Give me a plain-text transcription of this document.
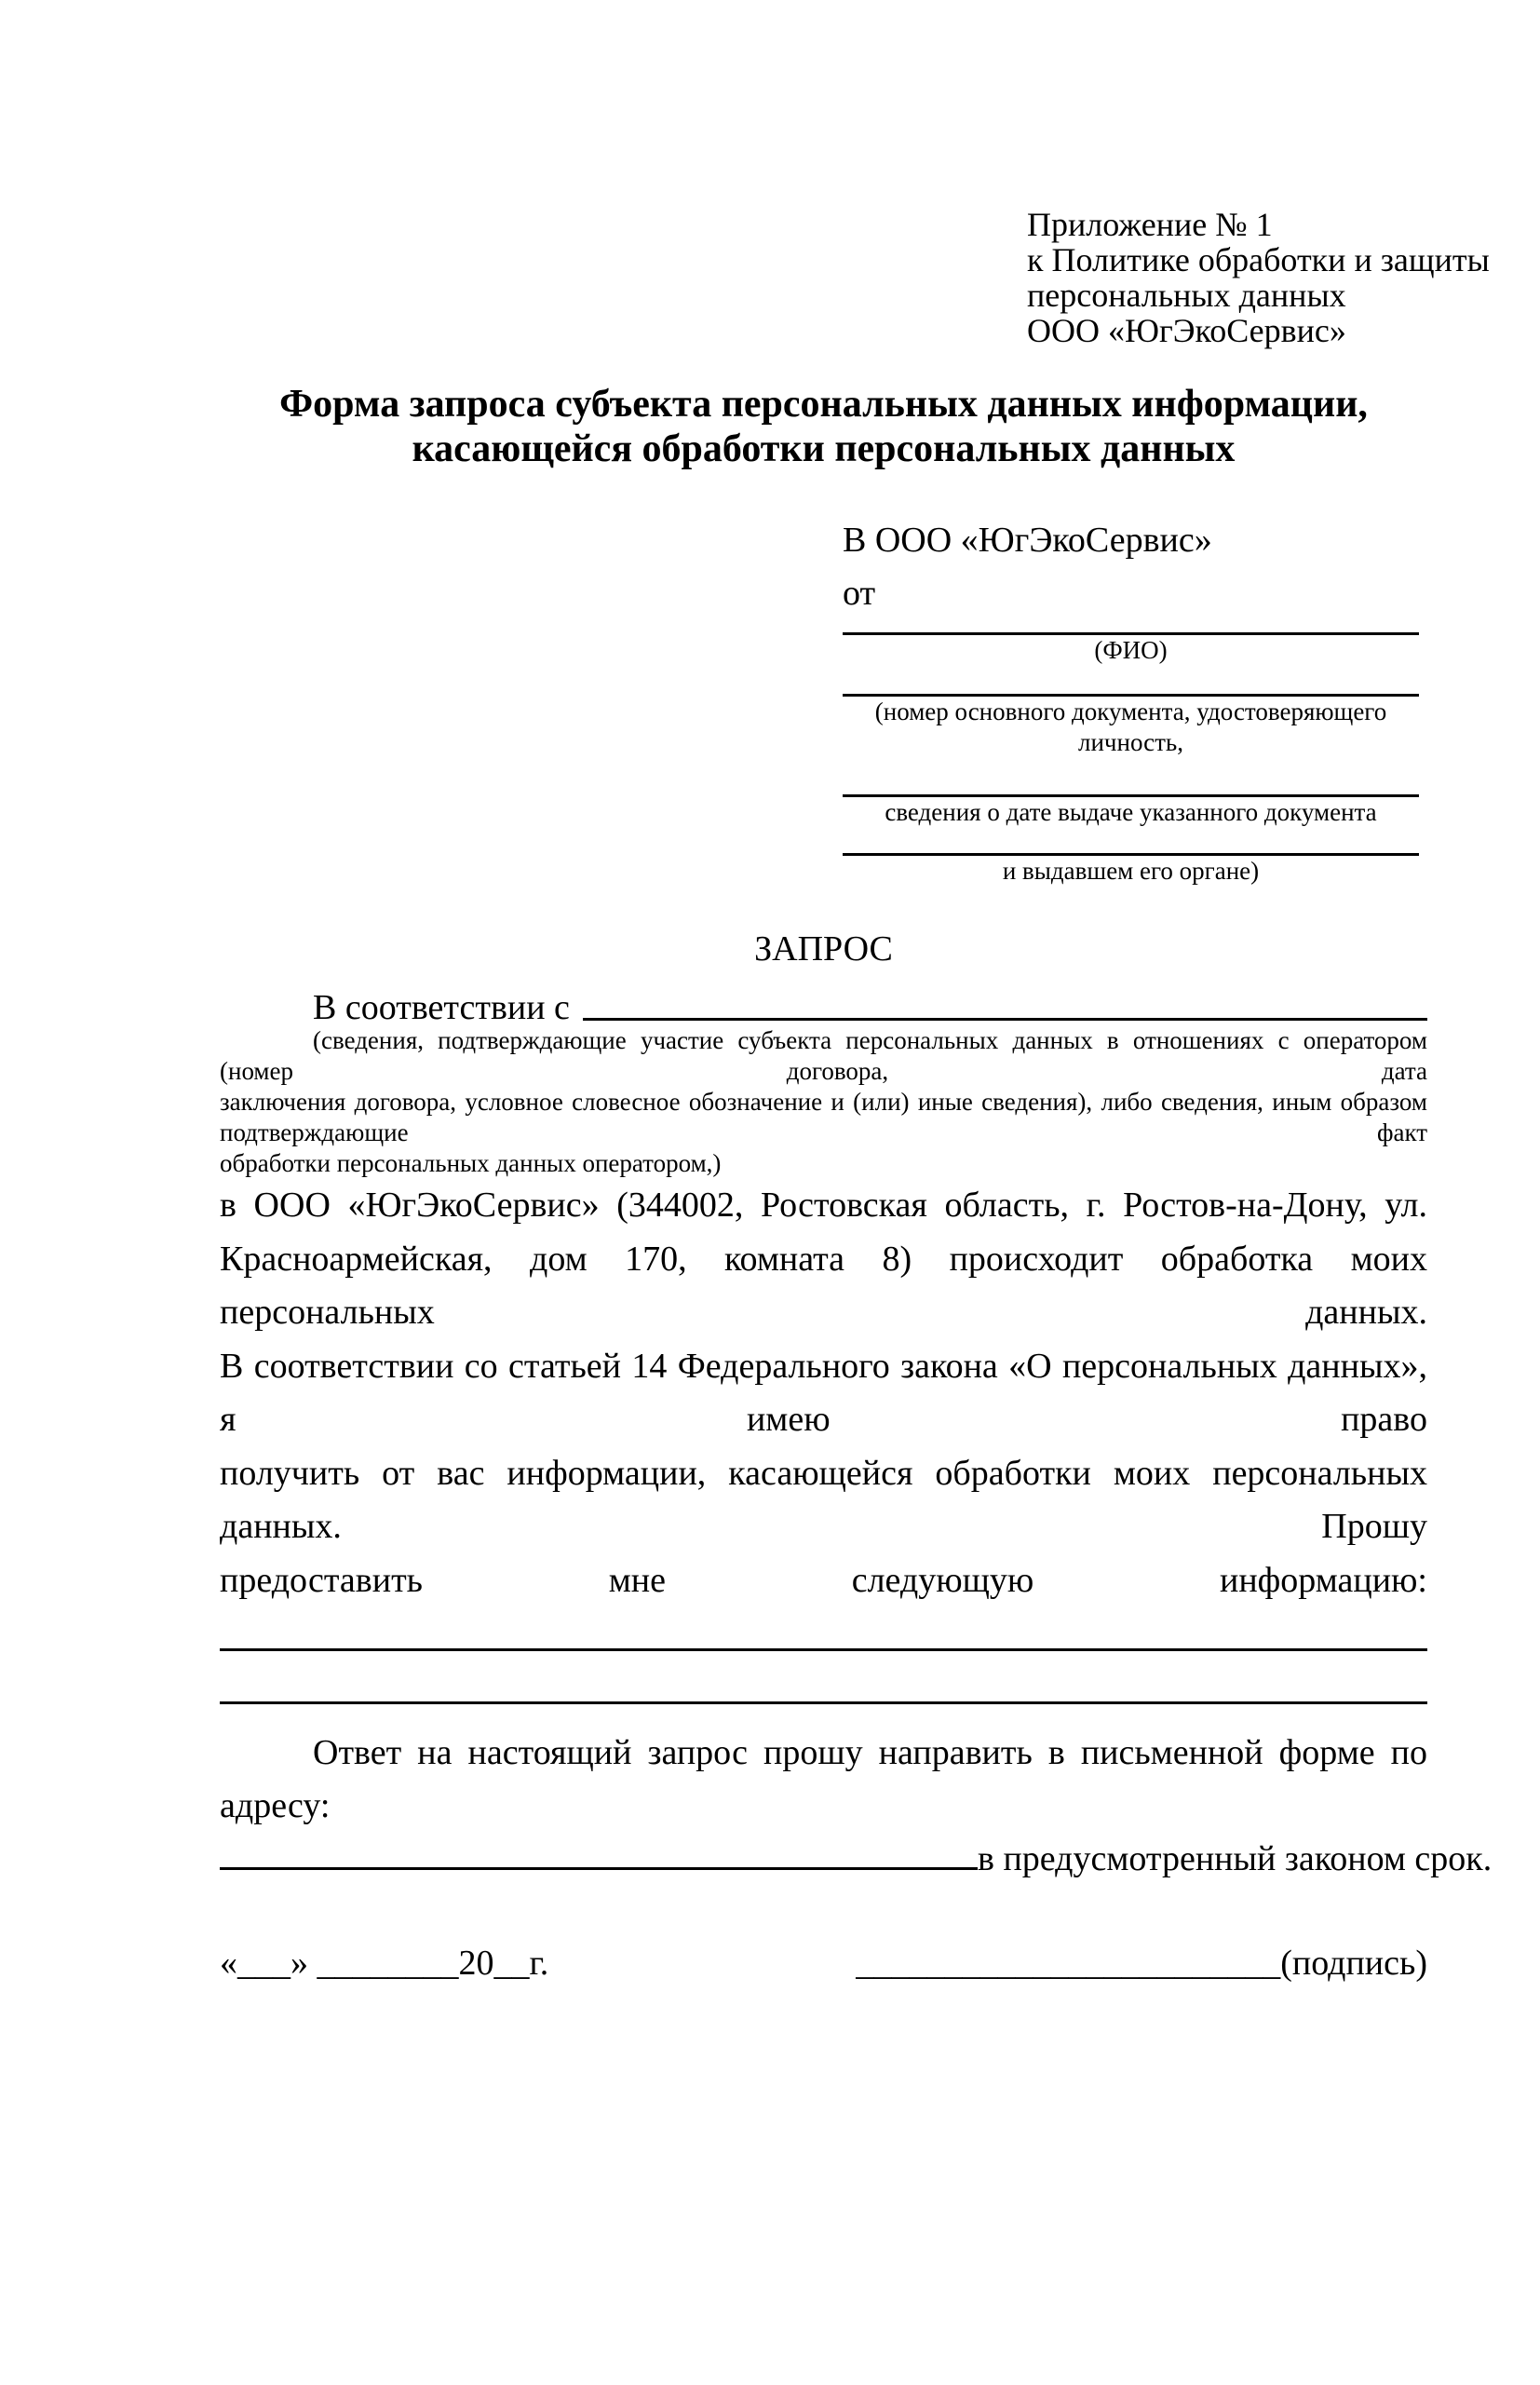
Приложение № 1
к Политике обработки и защиты
персональных данных
ООО «ЮгЭкоСервис»
Форма запроса субъекта персональных данных информации,
касающейся обработки персональных данных
В ООО «ЮгЭкоСервис»
от
(ФИО)
(номер основного документа, удостоверяющего личность,
сведения о дате выдаче указанного документа
и выдавшем его органе)
ЗАПРОС
В соответствии с
(сведения, подтверждающие участие субъекта персональных данных в отношениях с оператором (номер договора, дата
заключения договора, условное словесное обозначение и (или) иные сведения), либо сведения, иным образом подтверждающие факт
обработки персональных данных оператором,)
в ООО «ЮгЭкоСервис» (344002, Ростовская область, г. Ростов-на-Дону, ул.
Красноармейская, дом 170, комната 8) происходит обработка моих персональных данных.
В соответствии со статьей 14 Федерального закона «О персональных данных», я имею право
получить от вас информации, касающейся обработки моих персональных данных. Прошу
предоставить мне следующую информацию:
Ответ на настоящий запрос прошу направить в письменной форме по адресу:
в предусмотренный законом срок.
«___» ________20__г.	________________________(подпись)
